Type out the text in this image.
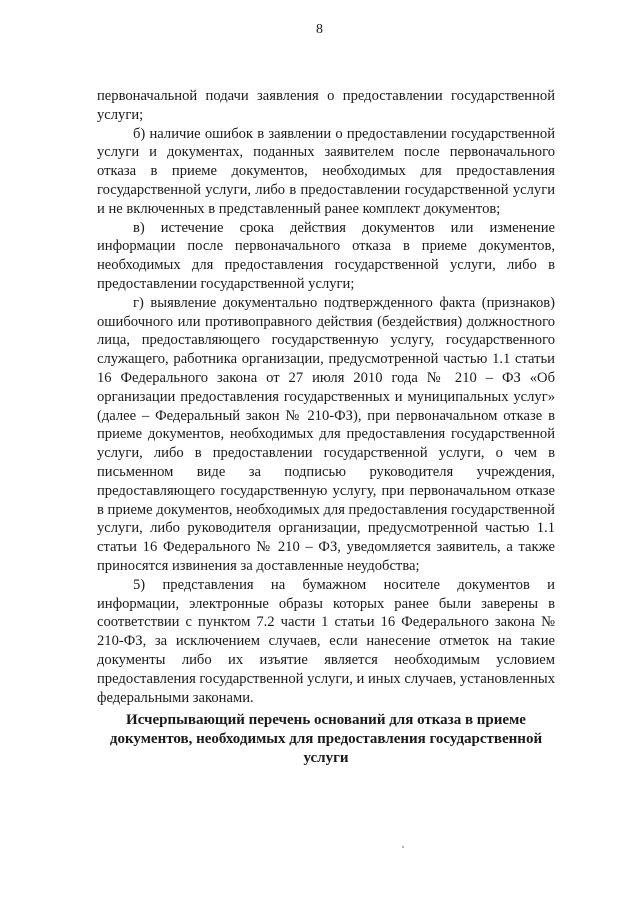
8

первоначальной подачи заявления о предоставлении государственной услуги;

б) наличие ошибок в заявлении о предоставлении государственной услуги и документах, поданных заявителем после первоначального отказа в приеме документов, необходимых для предоставления государственной услуги, либо в предоставлении государственной услуги и не включенных в представленный ранее комплект документов;

в) истечение срока действия документов или изменение информации после первоначального отказа в приеме документов, необходимых для предоставления государственной услуги, либо в предоставлении государственной услуги;

г) выявление документально подтвержденного факта (признаков) ошибочного или противоправного действия (бездействия) должностного лица, предоставляющего государственную услугу, государственного служащего, работника организации, предусмотренной частью 1.1 статьи 16 Федерального закона от 27 июля 2010 года № 210 – ФЗ «Об организации предоставления государственных и муниципальных услуг» (далее – Федеральный закон № 210-ФЗ), при первоначальном отказе в приеме документов, необходимых для предоставления государственной услуги, либо в предоставлении государственной услуги, о чем в письменном виде за подписью руководителя учреждения, предоставляющего государственную услугу, при первоначальном отказе в приеме документов, необходимых для предоставления государственной услуги, либо руководителя организации, предусмотренной частью 1.1 статьи 16 Федерального № 210 – ФЗ, уведомляется заявитель, а также приносятся извинения за доставленные неудобства;

5) представления на бумажном носителе документов и информации, электронные образы которых ранее были заверены в соответствии с пунктом 7.2 части 1 статьи 16 Федерального закона № 210-ФЗ, за исключением случаев, если нанесение отметок на такие документы либо их изъятие является необходимым условием предоставления государственной услуги, и иных случаев, установленных федеральными законами.

Исчерпывающий перечень оснований для отказа в приеме
документов, необходимых для предоставления государственной
услуги
